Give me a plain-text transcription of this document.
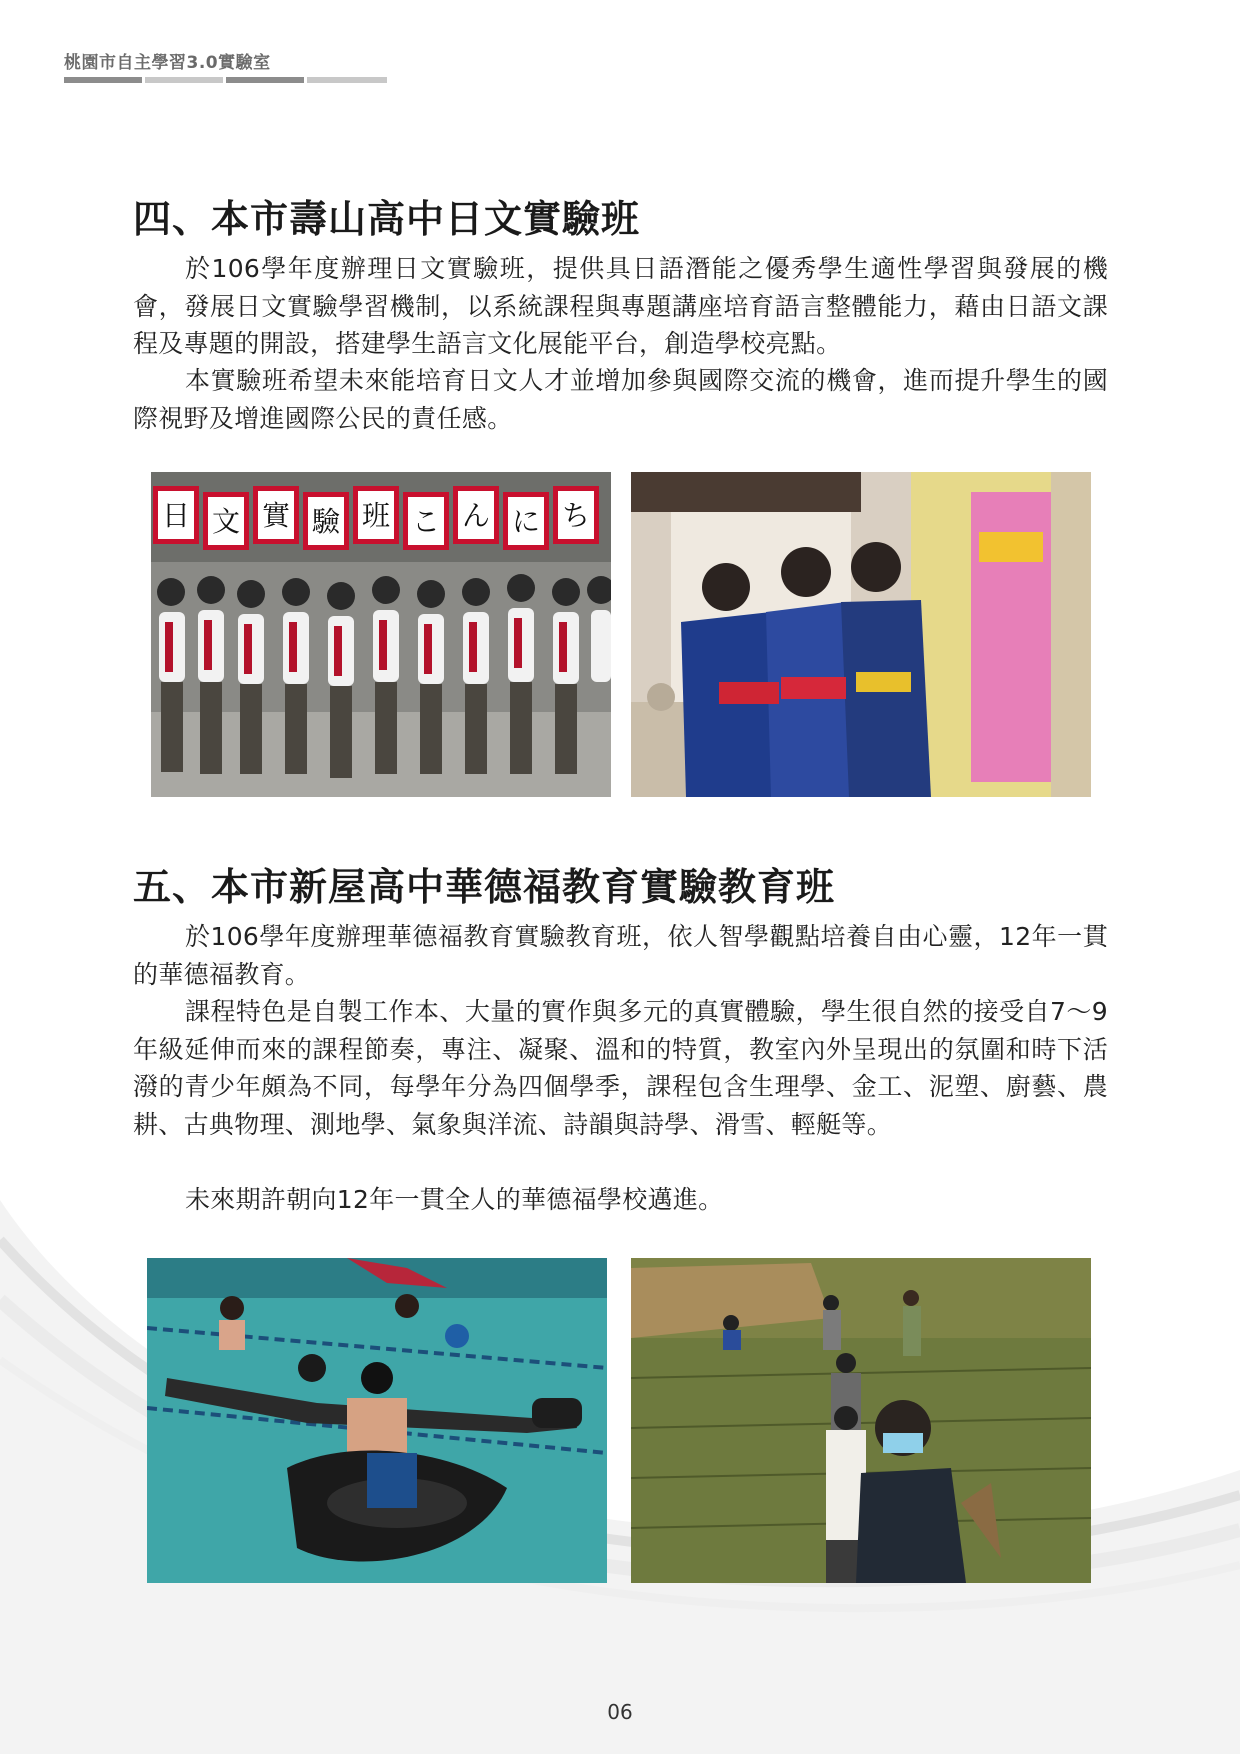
桃園市自主學習3.0實驗室
四、本市壽山高中日文實驗班

於106學年度辦理日文實驗班，提供具日語潛能之優秀學生適性學習與發展的機會，發展日文實驗學習機制，以系統課程與專題講座培育語言整體能力，藉由日語文課程及專題的開設，搭建學生語言文化展能平台，創造學校亮點。

本實驗班希望未來能培育日文人才並增加參與國際交流的機會，進而提升學生的國際視野及增進國際公民的責任感。

日 文 實 驗 班 こ ん に ち
五、本市新屋高中華德福教育實驗教育班

於106學年度辦理華德福教育實驗教育班，依人智學觀點培養自由心靈，12年一貫的華德福教育。

課程特色是自製工作本、大量的實作與多元的真實體驗，學生很自然的接受自7～9年級延伸而來的課程節奏，專注、凝聚、溫和的特質，教室內外呈現出的氛圍和時下活潑的青少年頗為不同，每學年分為四個學季，課程包含生理學、金工、泥塑、廚藝、農耕、古典物理、測地學、氣象與洋流、詩韻與詩學、滑雪、輕艇等。

未來期許朝向12年一貫全人的華德福學校邁進。

06
